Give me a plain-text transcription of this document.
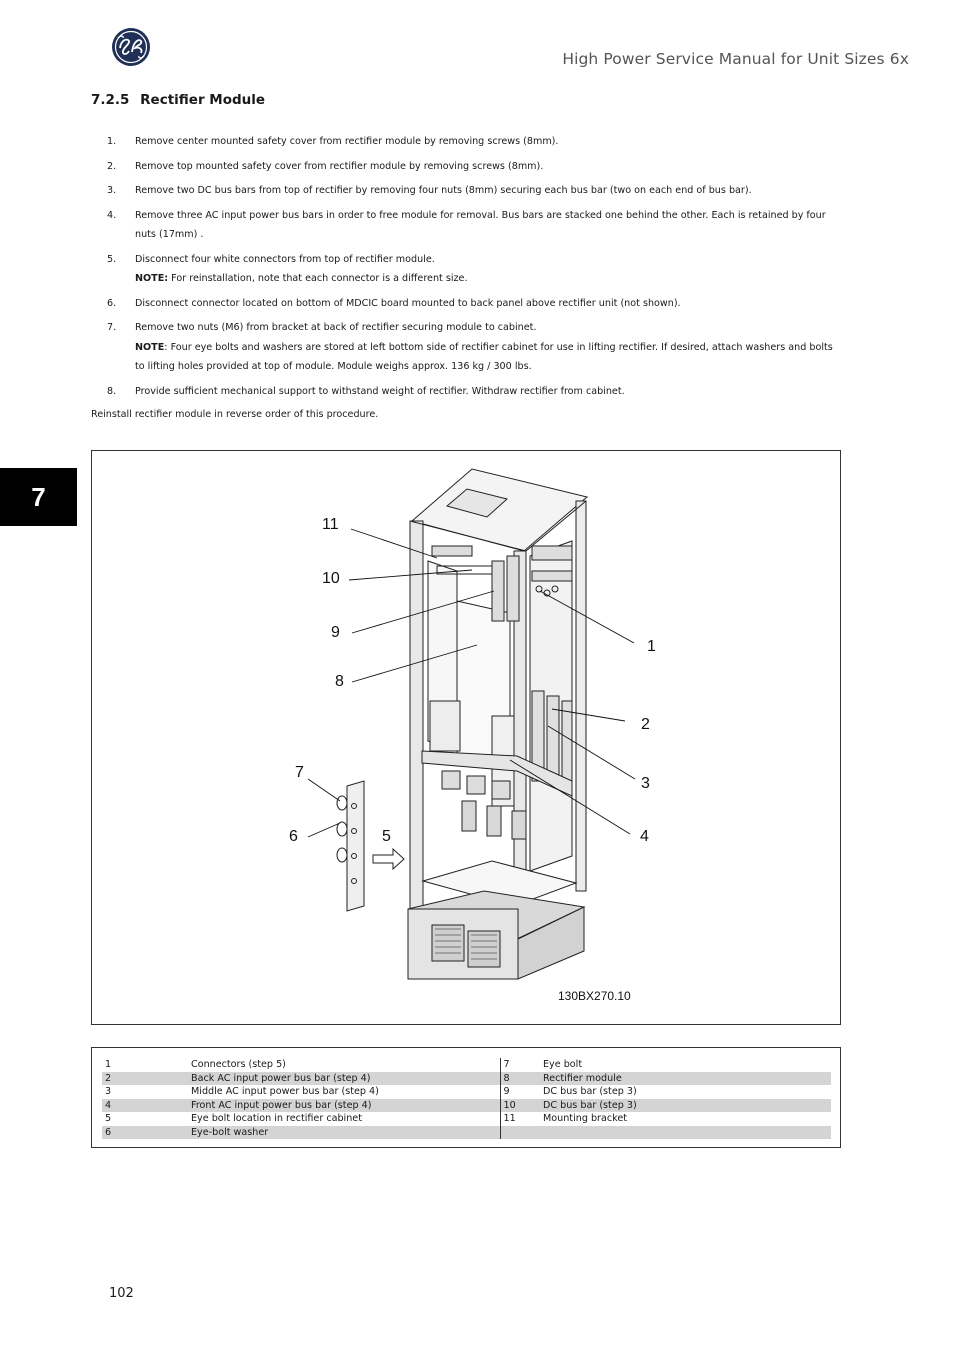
High Power Service Manual for Unit Sizes 6x
7
7.2.5 Rectifier Module
1. Remove center mounted safety cover from rectifier module by removing screws (8mm).
2. Remove top mounted safety cover from rectifier module by removing screws (8mm).
3. Remove two DC bus bars from top of rectifier by removing four nuts (8mm) securing each bus bar (two on each end of bus bar).
4. Remove three AC input power bus bars in order to free module for removal. Bus bars are stacked one behind the other. Each is retained by four nuts (17mm) .
5. Disconnect four white connectors from top of rectifier module.
NOTE: For reinstallation, note that each connector is a different size.
6. Disconnect connector located on bottom of MDCIC board mounted to back panel above rectifier unit (not shown).
7. Remove two nuts (M6) from bracket at back of rectifier securing module to cabinet.
NOTE: Four eye bolts and washers are stored at left bottom side of rectifier cabinet for use in lifting rectifier. If desired, attach washers and bolts to lifting holes provided at top of module. Module weighs approx. 136 kg / 300 lbs.
8. Provide sufficient mechanical support to withstand weight of rectifier. Withdraw rectifier from cabinet.
Reinstall rectifier module in reverse order of this procedure.
11
10
9
8
7
6	5
1
2
3
4
130BX270.10
1	Connectors (step 5)	7	Eye bolt
2	Back AC input power bus bar (step 4)	8	Rectifier module
3	Middle AC input power bus bar (step 4)	9	DC bus bar (step 3)
4	Front AC input power bus bar (step 4)	10	DC bus bar (step 3)
5	Eye bolt location in rectifier cabinet	11	Mounting bracket
6	Eye-bolt washer		
102
